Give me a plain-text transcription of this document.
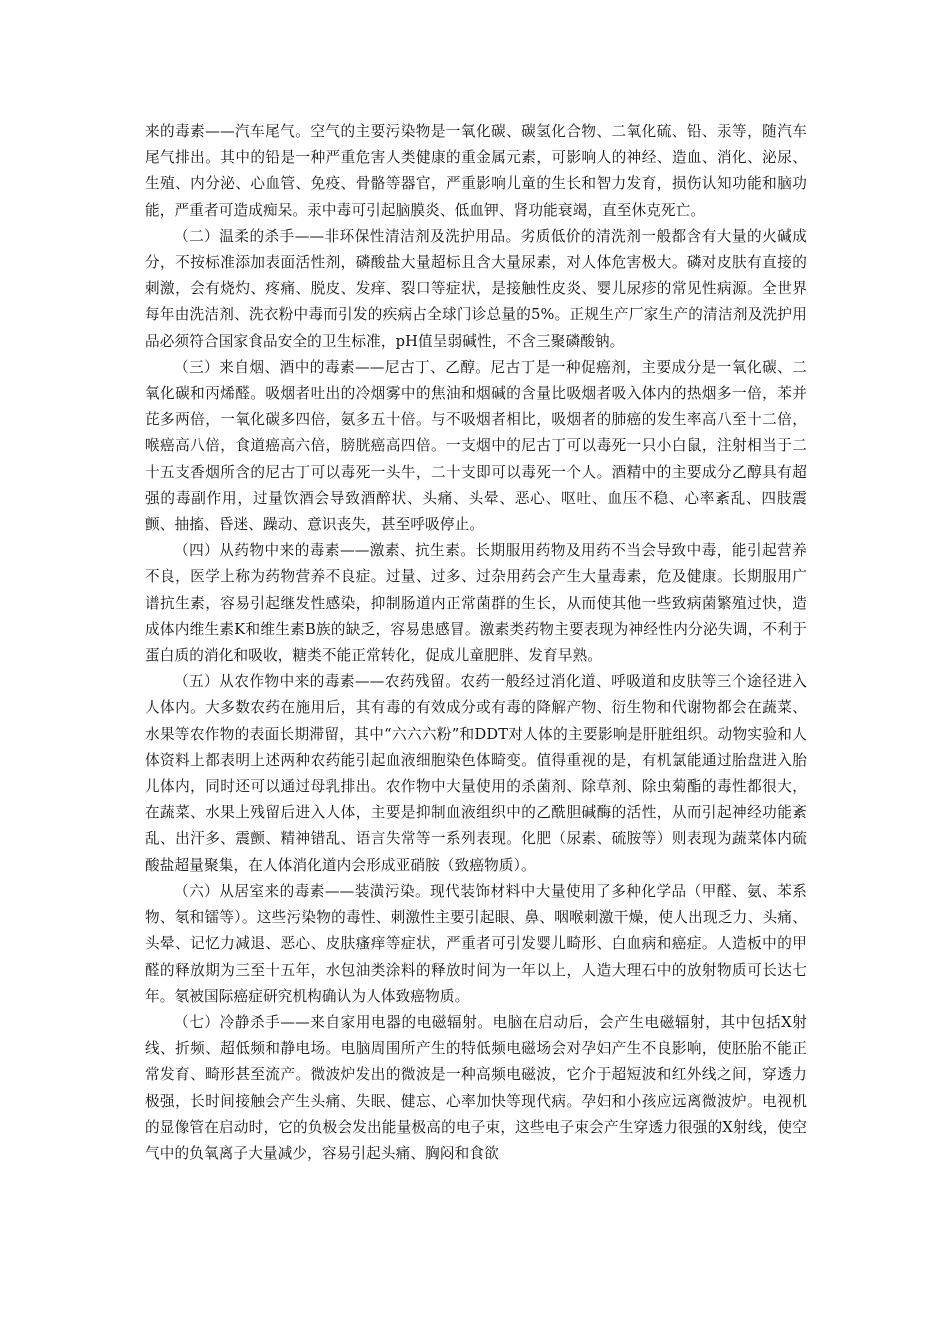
来的毒素——汽车尾气。空气的主要污染物是一氧化碳、碳氢化合物、二氧化硫、铅、汞等，随汽车尾气排出。其中的铅是一种严重危害人类健康的重金属元素，可影响人的神经、造血、消化、泌尿、生殖、内分泌、心血管、免疫、骨骼等器官，严重影响儿童的生长和智力发育，损伤认知功能和脑功能，严重者可造成痴呆。汞中毒可引起脑膜炎、低血钾、肾功能衰竭，直至休克死亡。

（二）温柔的杀手——非环保性清洁剂及洗护用品。劣质低价的清洗剂一般都含有大量的火碱成分，不按标准添加表面活性剂，磷酸盐大量超标且含大量尿素，对人体危害极大。磷对皮肤有直接的刺激，会有烧灼、疼痛、脱皮、发痒、裂口等症状，是接触性皮炎、婴儿尿疹的常见性病源。全世界每年由洗洁剂、洗衣粉中毒而引发的疾病占全球门诊总量的5%。正规生产厂家生产的清洁剂及洗护用品必须符合国家食品安全的卫生标准，pH值呈弱碱性，不含三聚磷酸钠。

（三）来自烟、酒中的毒素——尼古丁、乙醇。尼古丁是一种促癌剂，主要成分是一氧化碳、二氧化碳和丙烯醛。吸烟者吐出的冷烟雾中的焦油和烟碱的含量比吸烟者吸入体内的热烟多一倍，苯并芘多两倍，一氧化碳多四倍，氨多五十倍。与不吸烟者相比，吸烟者的肺癌的发生率高八至十二倍，喉癌高八倍，食道癌高六倍，膀胱癌高四倍。一支烟中的尼古丁可以毒死一只小白鼠，注射相当于二十五支香烟所含的尼古丁可以毒死一头牛，二十支即可以毒死一个人。酒精中的主要成分乙醇具有超强的毒副作用，过量饮酒会导致酒醉状、头痛、头晕、恶心、呕吐、血压不稳、心率紊乱、四肢震颤、抽搐、昏迷、躁动、意识丧失，甚至呼吸停止。

（四）从药物中来的毒素——激素、抗生素。长期服用药物及用药不当会导致中毒，能引起营养不良，医学上称为药物营养不良症。过量、过多、过杂用药会产生大量毒素，危及健康。长期服用广谱抗生素，容易引起继发性感染，抑制肠道内正常菌群的生长，从而使其他一些致病菌繁殖过快，造成体内维生素K和维生素B族的缺乏，容易患感冒。激素类药物主要表现为神经性内分泌失调，不利于蛋白质的消化和吸收，糖类不能正常转化，促成儿童肥胖、发育早熟。

（五）从农作物中来的毒素——农药残留。农药一般经过消化道、呼吸道和皮肤等三个途径进入人体内。大多数农药在施用后，其有毒的有效成分或有毒的降解产物、衍生物和代谢物都会在蔬菜、水果等农作物的表面长期滞留，其中“六六六粉”和DDT对人体的主要影响是肝脏组织。动物实验和人体资料上都表明上述两种农药能引起血液细胞染色体畸变。值得重视的是，有机氯能通过胎盘进入胎儿体内，同时还可以通过母乳排出。农作物中大量使用的杀菌剂、除草剂、除虫菊酯的毒性都很大，在蔬菜、水果上残留后进入人体，主要是抑制血液组织中的乙酰胆碱酶的活性，从而引起神经功能紊乱、出汗多、震颤、精神错乱、语言失常等一系列表现。化肥（尿素、硫胺等）则表现为蔬菜体内硫酸盐超量聚集，在人体消化道内会形成亚硝胺（致癌物质）。

（六）从居室来的毒素——装潢污染。现代装饰材料中大量使用了多种化学品（甲醛、氨、苯系物、氡和镭等）。这些污染物的毒性、刺激性主要引起眼、鼻、咽喉刺激干燥，使人出现乏力、头痛、头晕、记忆力减退、恶心、皮肤瘙痒等症状，严重者可引发婴儿畸形、白血病和癌症。人造板中的甲醛的释放期为三至十五年，水包油类涂料的释放时间为一年以上，人造大理石中的放射物质可长达七年。氡被国际癌症研究机构确认为人体致癌物质。

（七）冷静杀手——来自家用电器的电磁辐射。电脑在启动后，会产生电磁辐射，其中包括X射线、折频、超低频和静电场。电脑周围所产生的特低频电磁场会对孕妇产生不良影响，使胚胎不能正常发育、畸形甚至流产。微波炉发出的微波是一种高频电磁波，它介于超短波和红外线之间，穿透力极强，长时间接触会产生头痛、失眠、健忘、心率加快等现代病。孕妇和小孩应远离微波炉。电视机的显像管在启动时，它的负极会发出能量极高的电子束，这些电子束会产生穿透力很强的X射线，使空气中的负氧离子大量减少，容易引起头痛、胸闷和食欲
